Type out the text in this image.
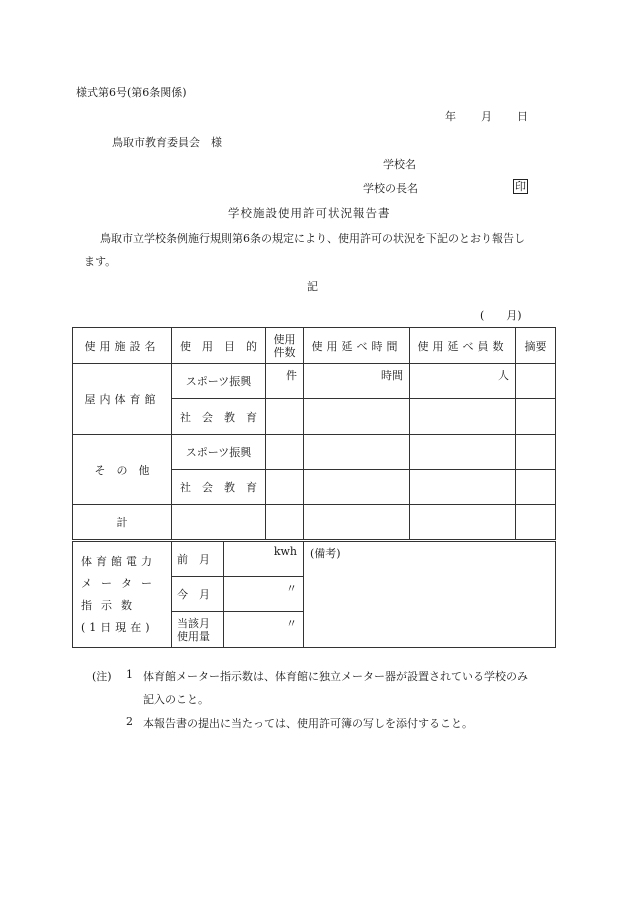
様式第6号(第6条関係)
年 月 日
鳥取市教育委員会　様
学校名
学校の長名	印
学校施設使用許可状況報告書
鳥取市立学校条例施行規則第6条の規定により、使用許可の状況を下記のとおり報告し
ます。
記
(　　月)
使用施設名	使　用　目　的	使用件数	使用延べ時間	使用延べ員数	摘要
屋内体育館	スポーツ振興	件	時間	人	

	社　会　教　育				
そ　の　他	スポーツ振興				
	社　会　教　育				
計					
体育館電力
メーター
指示数
(1日現在)	前　月	kwh	(備考)
	今　月	〃	

	当該月
使用量	〃	
(注) 1 体育館メーター指示数は、体育館に独立メーター器が設置されている学校のみ
記入のこと。
2 本報告書の提出に当たっては、使用許可簿の写しを添付すること。
